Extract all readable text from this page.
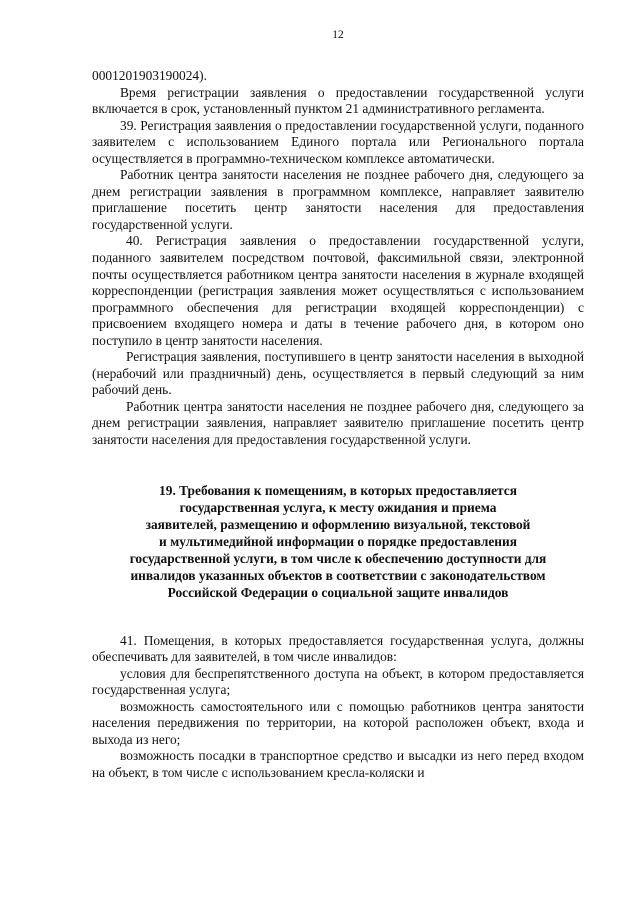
12

0001201903190024).

Время регистрации заявления о предоставлении государственной услуги включается в срок, установленный пунктом 21 административного регламента.

39. Регистрация заявления о предоставлении государственной услуги, поданного заявителем с использованием Единого портала или Регионального портала осуществляется в программно-техническом комплексе автоматически.

Работник центра занятости населения не позднее рабочего дня, следующего за днем регистрации заявления в программном комплексе, направляет заявителю приглашение посетить центр занятости населения для предоставления государственной услуги.

40. Регистрация заявления о предоставлении государственной услуги, поданного заявителем посредством почтовой, факсимильной связи, электронной почты осуществляется работником центра занятости населения в журнале входящей корреспонденции (регистрация заявления может осуществляться с использованием программного обеспечения для регистрации входящей корреспонденции) с присвоением входящего номера и даты в течение рабочего дня, в котором оно поступило в центр занятости населения.

Регистрация заявления, поступившего в центр занятости населения в выходной (нерабочий или праздничный) день, осуществляется в первый следующий за ним рабочий день.

Работник центра занятости населения не позднее рабочего дня, следующего за днем регистрации заявления, направляет заявителю приглашение посетить центр занятости населения для предоставления государственной услуги.

19. Требования к помещениям, в которых предоставляется
государственная услуга, к месту ожидания и приема
заявителей, размещению и оформлению визуальной, текстовой
и мультимедийной информации о порядке предоставления
государственной услуги, в том числе к обеспечению доступности для
инвалидов указанных объектов в соответствии с законодательством
Российской Федерации о социальной защите инвалидов

41. Помещения, в которых предоставляется государственная услуга, должны обеспечивать для заявителей, в том числе инвалидов:

условия для беспрепятственного доступа на объект, в котором предоставляется государственная услуга;

возможность самостоятельного или с помощью работников центра занятости населения передвижения по территории, на которой расположен объект, входа и выхода из него;

возможность посадки в транспортное средство и высадки из него перед входом на объект, в том числе с использованием кресла-коляски и
